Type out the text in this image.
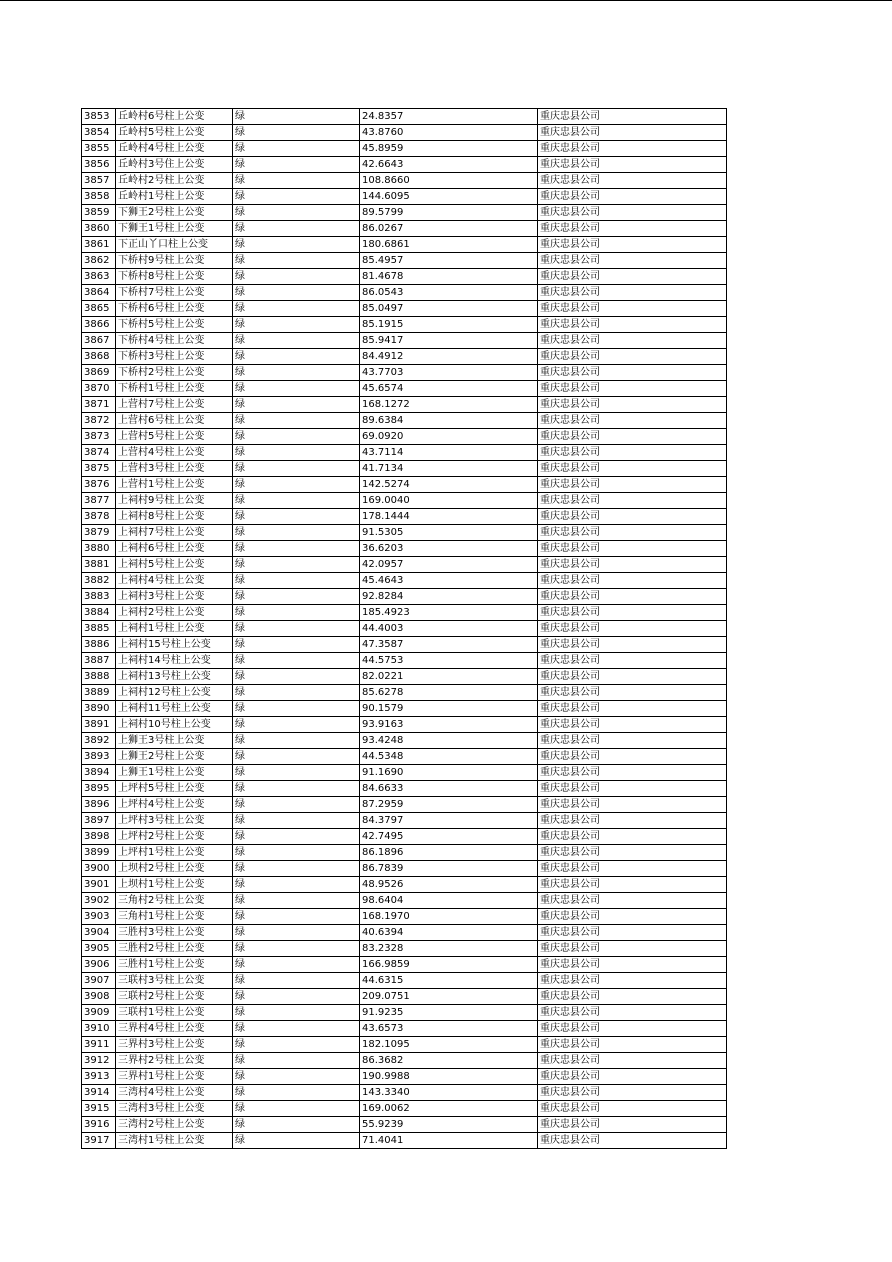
3853	丘岭村6号柱上公变	绿	24.8357	重庆忠县公司
3854	丘岭村5号柱上公变	绿	43.8760	重庆忠县公司
3855	丘岭村4号柱上公变	绿	45.8959	重庆忠县公司
3856	丘岭村3号住上公变	绿	42.6643	重庆忠县公司
3857	丘岭村2号柱上公变	绿	108.8660	重庆忠县公司
3858	丘岭村1号柱上公变	绿	144.6095	重庆忠县公司
3859	下狮王2号柱上公变	绿	89.5799	重庆忠县公司
3860	下狮王1号柱上公变	绿	86.0267	重庆忠县公司
3861	下正山丫口柱上公变	绿	180.6861	重庆忠县公司
3862	下桥村9号柱上公变	绿	85.4957	重庆忠县公司
3863	下桥村8号柱上公变	绿	81.4678	重庆忠县公司
3864	下桥村7号柱上公变	绿	86.0543	重庆忠县公司
3865	下桥村6号柱上公变	绿	85.0497	重庆忠县公司
3866	下桥村5号柱上公变	绿	85.1915	重庆忠县公司
3867	下桥村4号柱上公变	绿	85.9417	重庆忠县公司
3868	下桥村3号柱上公变	绿	84.4912	重庆忠县公司
3869	下桥村2号柱上公变	绿	43.7703	重庆忠县公司
3870	下桥村1号柱上公变	绿	45.6574	重庆忠县公司
3871	上营村7号柱上公变	绿	168.1272	重庆忠县公司
3872	上营村6号柱上公变	绿	89.6384	重庆忠县公司
3873	上营村5号柱上公变	绿	69.0920	重庆忠县公司
3874	上营村4号柱上公变	绿	43.7114	重庆忠县公司
3875	上营村3号柱上公变	绿	41.7134	重庆忠县公司
3876	上营村1号柱上公变	绿	142.5274	重庆忠县公司
3877	上祠村9号柱上公变	绿	169.0040	重庆忠县公司
3878	上祠村8号柱上公变	绿	178.1444	重庆忠县公司
3879	上祠村7号柱上公变	绿	91.5305	重庆忠县公司
3880	上祠村6号柱上公变	绿	36.6203	重庆忠县公司
3881	上祠村5号柱上公变	绿	42.0957	重庆忠县公司
3882	上祠村4号柱上公变	绿	45.4643	重庆忠县公司
3883	上祠村3号柱上公变	绿	92.8284	重庆忠县公司
3884	上祠村2号柱上公变	绿	185.4923	重庆忠县公司
3885	上祠村1号柱上公变	绿	44.4003	重庆忠县公司
3886	上祠村15号柱上公变	绿	47.3587	重庆忠县公司
3887	上祠村14号柱上公变	绿	44.5753	重庆忠县公司
3888	上祠村13号柱上公变	绿	82.0221	重庆忠县公司
3889	上祠村12号柱上公变	绿	85.6278	重庆忠县公司
3890	上祠村11号柱上公变	绿	90.1579	重庆忠县公司
3891	上祠村10号柱上公变	绿	93.9163	重庆忠县公司
3892	上狮王3号柱上公变	绿	93.4248	重庆忠县公司
3893	上狮王2号柱上公变	绿	44.5348	重庆忠县公司
3894	上狮王1号柱上公变	绿	91.1690	重庆忠县公司
3895	上坪村5号柱上公变	绿	84.6633	重庆忠县公司
3896	上坪村4号柱上公变	绿	87.2959	重庆忠县公司
3897	上坪村3号柱上公变	绿	84.3797	重庆忠县公司
3898	上坪村2号柱上公变	绿	42.7495	重庆忠县公司
3899	上坪村1号柱上公变	绿	86.1896	重庆忠县公司
3900	上坝村2号柱上公变	绿	86.7839	重庆忠县公司
3901	上坝村1号柱上公变	绿	48.9526	重庆忠县公司
3902	三角村2号柱上公变	绿	98.6404	重庆忠县公司
3903	三角村1号柱上公变	绿	168.1970	重庆忠县公司
3904	三胜村3号柱上公变	绿	40.6394	重庆忠县公司
3905	三胜村2号柱上公变	绿	83.2328	重庆忠县公司
3906	三胜村1号柱上公变	绿	166.9859	重庆忠县公司
3907	三联村3号柱上公变	绿	44.6315	重庆忠县公司
3908	三联村2号柱上公变	绿	209.0751	重庆忠县公司
3909	三联村1号柱上公变	绿	91.9235	重庆忠县公司
3910	三界村4号柱上公变	绿	43.6573	重庆忠县公司
3911	三界村3号柱上公变	绿	182.1095	重庆忠县公司
3912	三界村2号柱上公变	绿	86.3682	重庆忠县公司
3913	三界村1号柱上公变	绿	190.9988	重庆忠县公司
3914	三湾村4号柱上公变	绿	143.3340	重庆忠县公司
3915	三湾村3号柱上公变	绿	169.0062	重庆忠县公司
3916	三湾村2号柱上公变	绿	55.9239	重庆忠县公司
3917	三湾村1号柱上公变	绿	71.4041	重庆忠县公司
